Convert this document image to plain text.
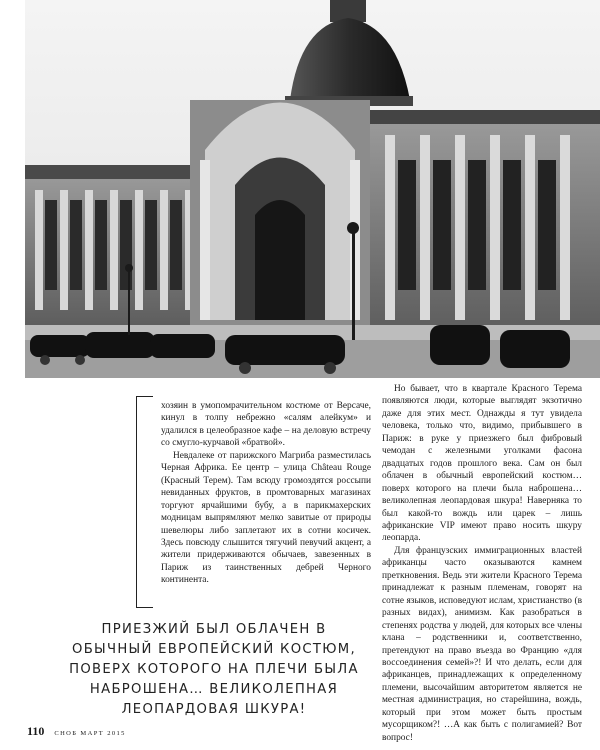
хозяин в умопомрачительном костюме от Версаче, кинул в толпу небрежно «салям алейкум» и удалился в целеобразное кафе – на деловую встречу со смугло-курчавой «братвой».

Невдалеке от парижского Магриба разместилась Черная Африка. Ее центр – улица Château Rouge (Красный Терем). Там всюду громоздятся россыпи невиданных фруктов, в промтоварных магазинах торгуют ярчайшими бубу, а в парикмахерских модницам выпрямляют мелко завитые от природы шевелюры либо заплетают их в сотни косичек. Здесь повсюду слышится тягучий певучий акцент, а жители придерживаются обычаев, завезенных в Париж из таинственных дебрей Черного континента.

Но бывает, что в квартале Красного Терема появляются люди, которые выглядят экзотично даже для этих мест. Однажды я тут увидела человека, только что, видимо, прибывшего в Париж: в руке у приезжего был фибровый чемодан с железными уголками фасона двадцатых годов прошлого века. Сам он был облачен в обычный европейский костюм… поверх которого на плечи была наброшена… великолепная леопардовая шкура! Наверняка то был какой-то вождь или царек – лишь африканские VIP имеют право носить шкуру леопарда.

Для французских иммиграционных властей африканцы часто оказываются камнем преткновения. Ведь эти жители Красного Терема принадлежат к разным племенам, говорят на сотне языков, исповедуют ислам, христианство (в разных видах), анимизм. Как разобраться в степенях родства у людей, для которых все члены клана – родственники и, соответственно, претендуют на право въезда во Францию «для воссоединения семей»?! И что делать, если для африканцев, принадлежащих к определенному племени, высочайшим авторитетом является не местная администрация, но старейшина, вождь, который при этом может быть простым мусорщиком?! …А как быть с полигамией? Вот вопрос!

ПРИЕЗЖИЙ БЫЛ ОБЛАЧЕН В ОБЫЧНЫЙ ЕВРОПЕЙСКИЙ КОСТЮМ, ПОВЕРХ КОТОРОГО НА ПЛЕЧИ БЫЛА НАБРОШЕНА… ВЕЛИКОЛЕПНАЯ ЛЕОПАРДОВАЯ ШКУРА!
110 СНОБ МАРТ 2015
